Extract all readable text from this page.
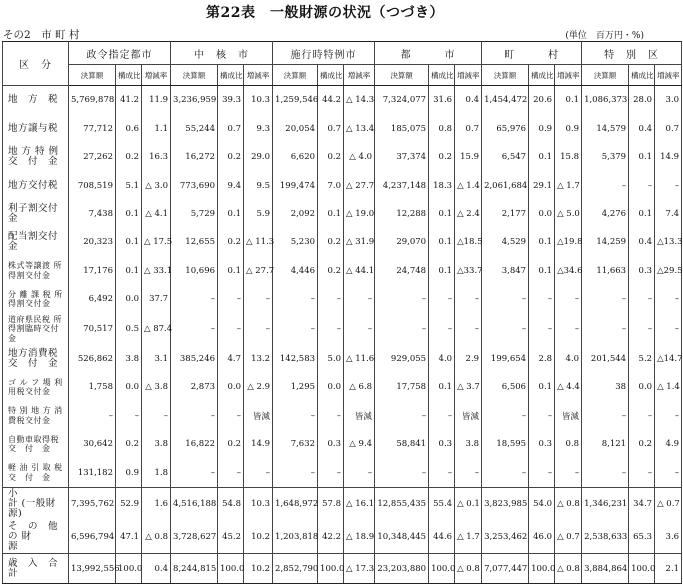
第22表　一般財源の状況（つづき）
その2　市 町 村	(単位　百万円・%)
区　分	政令指定都市			中　核　市			施行時特例市			都　　　市			町　　　村			特　別　区		
	決算額	構成比	増減率	決算額	構成比	増減率	決算額	構成比	増減率	決算額	構成比	増減率	決算額	構成比	増減率	決算額	構成比	増減率
地　方　税	5,769,878	41.2	11.9	3,236,959	39.3	10.3	1,259,546	44.2	△ 14.3	7,324,077	31.6	0.4	1,454,472	20.6	0.1	1,086,373	28.0	3.0
地方譲与税	77,712	0.6	1.1	55,244	0.7	9.3	20,054	0.7	△ 13.4	185,075	0.8	0.7	65,976	0.9	0.9	14,579	0.4	0.7
地 方 特 例 交　付　金	27,262	0.2	16.3	16,272	0.2	29.0	6,620	0.2	△ 4.0	37,374	0.2	15.9	6,547	0.1	15.8	5,379	0.1	14.9
地方交付税	708,519	5.1	△ 3.0	773,690	9.4	9.5	199,474	7.0	△ 27.7	4,237,148	18.3	△ 1.4	2,061,684	29.1	△ 1.7	–	–	–
利子割交付金	7,438	0.1	△ 4.1	5,729	0.1	5.9	2,092	0.1	△ 19.0	12,288	0.1	△ 2.4	2,177	0.0	△ 5.0	4,276	0.1	7.4
配当割交付金	20,323	0.1	△ 17.5	12,655	0.2	△ 11.3	5,230	0.2	△ 31.9	29,070	0.1	△18.5	4,529	0.1	△19.8	14,259	0.4	△13.3
株式等譲渡 所得割交付金	17,176	0.1	△ 33.1	10,696	0.1	△ 27.7	4,446	0.2	△ 44.1	24,748	0.1	△33.7	3,847	0.1	△34.6	11,663	0.3	△29.5
分 離 課 税 所得割交付金	6,492	0.0	37.7	–	–	–	–	–	–	–	–	–	–	–	–	–	–	–
道府県民税 所得割臨時交付金	70,517	0.5	△ 87.4	–	–	–	–	–	–	–	–	–	–	–	–	–	–	–
地方消費税 交　付　金	526,862	3.8	3.1	385,246	4.7	13.2	142,583	5.0	△ 11.6	929,055	4.0	2.9	199,654	2.8	4.0	201,544	5.2	△14.7
ゴ ル フ 場 利用税交付金	1,758	0.0	△ 3.8	2,873	0.0	△ 2.9	1,295	0.0	△ 6.8	17,758	0.1	△ 3.7	6,506	0.1	△ 4.4	38	0.0	△ 1.4
特 別 地 方 消費税交付金	–	–	–	–	–	皆減	–	–	皆減	–	–	皆減	–	–	皆減	–	–	–
自動車取得税 交　付　金	30,642	0.2	3.8	16,822	0.2	14.9	7,632	0.3	△ 9.4	58,841	0.3	3.8	18,595	0.3	0.8	8,121	0.2	4.9
軽 油 引 取 税 交　付　金	131,182	0.9	1.8	–	–	–	–	–	–	–	–	–	–	–	–	–	–	–
小　　　　計 (一般財源)	7,395,762	52.9	1.6	4,516,188	54.8	10.3	1,648,972	57.8	△ 16.1	12,855,435	55.4	△ 0.1	3,823,985	54.0	△ 0.8	1,346,231	34.7	△ 0.7
そ　の　他　の 財　　　　源	6,596,794	47.1	△ 0.8	3,728,627	45.2	10.2	1,203,818	42.2	△ 18.9	10,348,445	44.6	△ 1.7	3,253,462	46.0	△ 0.7	2,538,633	65.3	3.6
歳　入　合　計	13,992,556	100.0	0.4	8,244,815	100.0	10.2	2,852,790	100.0	△ 17.3	23,203,880	100.0	△ 0.8	7,077,447	100.0	△ 0.8	3,884,864	100.0	2.1
